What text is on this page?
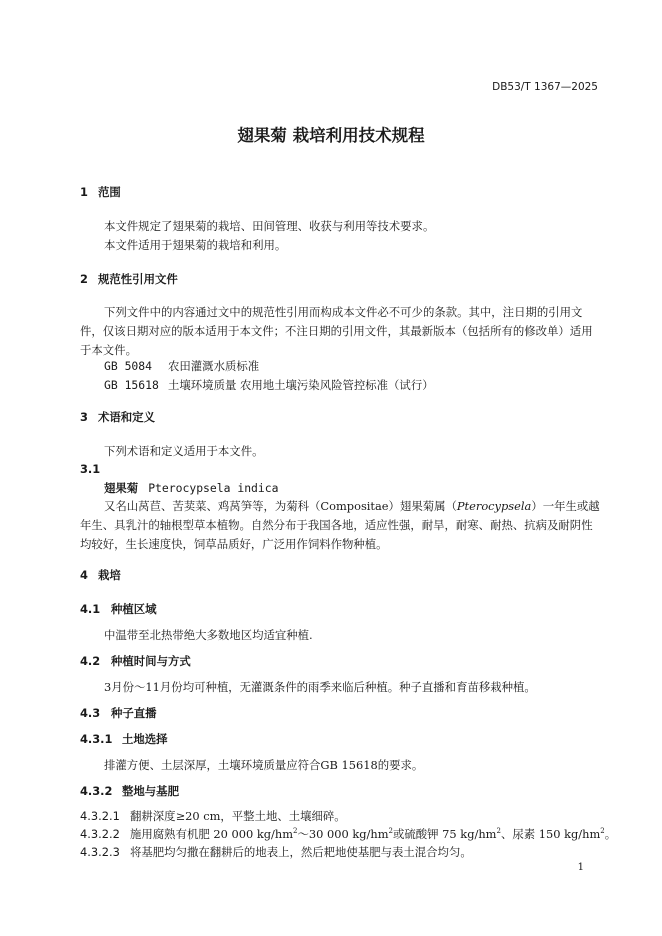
DB53/T 1367—2025
翅果菊 栽培利用技术规程
1 范围
本文件规定了翅果菊的栽培、田间管理、收获与利用等技术要求。
本文件适用于翅果菊的栽培和利用。
2 规范性引用文件
下列文件中的内容通过文中的规范性引用而构成本文件必不可少的条款。其中，注日期的引用文件，仅该日期对应的版本适用于本文件；不注日期的引用文件，其最新版本（包括所有的修改单）适用于本文件。
GB 5084 农田灌溉水质标准
GB 15618 土壤环境质量 农用地土壤污染风险管控标准（试行）
3 术语和定义
下列术语和定义适用于本文件。
3.1
翅果菊 Pterocypsela indica
又名山莴苣、苦荬菜、鸡莴笋等，为菊科（Compositae）翅果菊属（Pterocypsela）一年生或越年生、具乳汁的轴根型草本植物。自然分布于我国各地，适应性强，耐旱，耐寒、耐热、抗病及耐阴性均较好，生长速度快，饲草品质好，广泛用作饲料作物种植。
4 栽培
4.1 种植区域
中温带至北热带绝大多数地区均适宜种植.
4.2 种植时间与方式
3月份～11月份均可种植，无灌溉条件的雨季来临后种植。种子直播和育苗移栽种植。
4.3 种子直播
4.3.1 土地选择
排灌方便、土层深厚，土壤环境质量应符合GB 15618的要求。
4.3.2 整地与基肥
4.3.2.1 翻耕深度≥20 cm，平整土地、土壤细碎。
4.3.2.2 施用腐熟有机肥 20 000 $kg/hm^2\sim 30$ 000 $kg/hm^2$或硫酸钾 75 $kg/hm^2$、尿素 150 $kg/hm^2$。
4.3.2.3 将基肥均匀撒在翻耕后的地表上，然后耙地使基肥与表土混合均匀。
1
